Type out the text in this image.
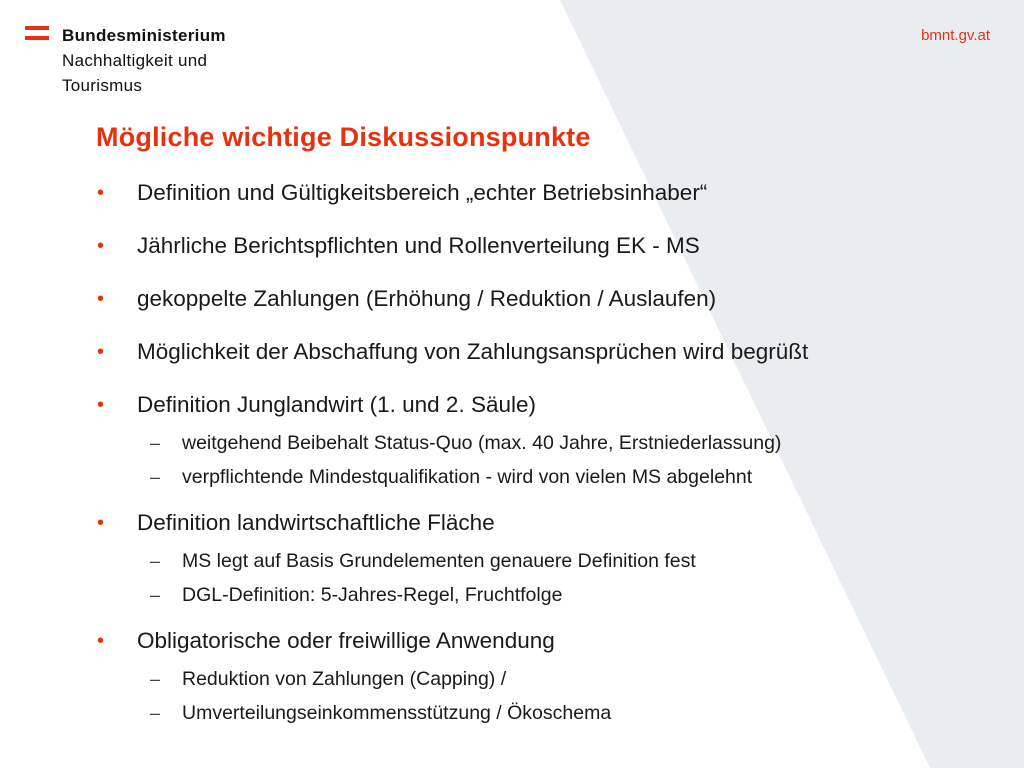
Bundesministerium
Nachhaltigkeit und
Tourismus
bmnt.gv.at
Mögliche wichtige Diskussionspunkte
• Definition und Gültigkeitsbereich „echter Betriebsinhaber“
• Jährliche Berichtspflichten und Rollenverteilung EK - MS
• gekoppelte Zahlungen (Erhöhung / Reduktion / Auslaufen)
• Möglichkeit der Abschaffung von Zahlungsansprüchen wird begrüßt
• Definition Junglandwirt (1. und 2. Säule)
– weitgehend Beibehalt Status-Quo (max. 40 Jahre, Erstniederlassung)
– verpflichtende Mindestqualifikation - wird von vielen MS abgelehnt
• Definition landwirtschaftliche Fläche
– MS legt auf Basis Grundelementen genauere Definition fest
– DGL-Definition: 5-Jahres-Regel, Fruchtfolge
• Obligatorische oder freiwillige Anwendung
– Reduktion von Zahlungen (Capping) /
– Umverteilungseinkommensstützung / Ökoschema
